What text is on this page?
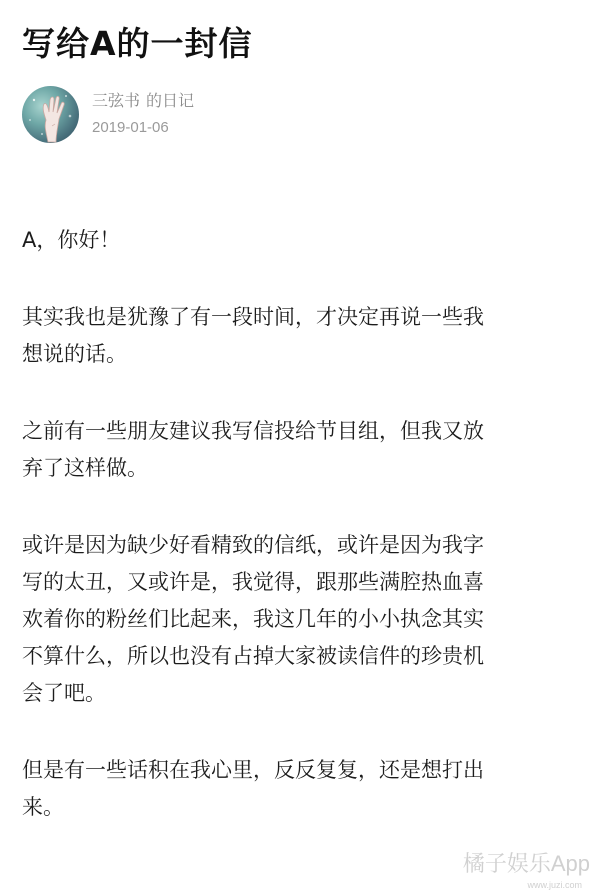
写给A的一封信
三弦书 的日记
2019-01-06

A，你好！

其实我也是犹豫了有一段时间，才决定再说一些我
想说的话。

之前有一些朋友建议我写信投给节目组，但我又放
弃了这样做。

或许是因为缺少好看精致的信纸，或许是因为我字
写的太丑，又或许是，我觉得，跟那些满腔热血喜
欢着你的粉丝们比起来，我这几年的小小执念其实
不算什么，所以也没有占掉大家被读信件的珍贵机
会了吧。

但是有一些话积在我心里，反反复复，还是想打出
来。

橘子娱乐App
www.juzi.com
